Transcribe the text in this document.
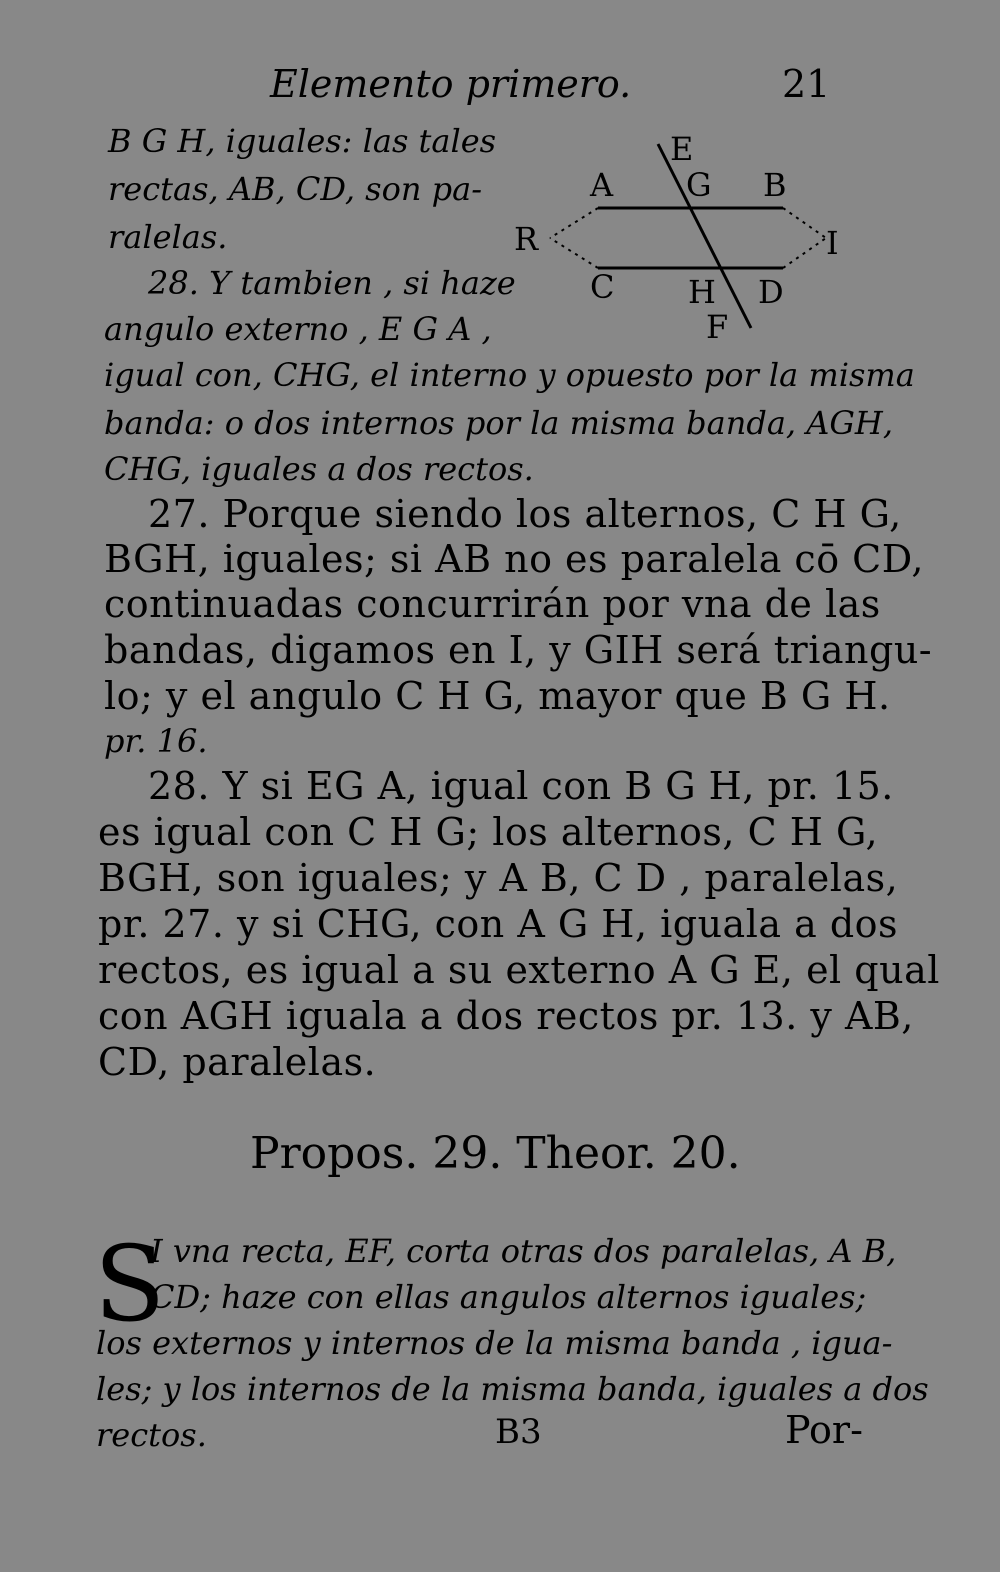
Elemento primero.	21
B G H, iguales: las tales
rectas, AB, CD, son pa-
ralelas.
28. Y tambien , si haze
angulo externo , E G A ,
igual con, CHG, el interno y opuesto por la misma
banda: o dos internos por la misma banda, AGH,
CHG, iguales a dos rectos.
E
A G B
R	I
C H D
F
27. Porque siendo los alternos, C H G,
BGH, iguales; si AB no es paralela cō CD,
continuadas concurrirán por vna de las
bandas, digamos en I, y GIH será triangu-
lo; y el angulo C H G, mayor que B G H.
pr. 16.
28. Y si EG A, igual con B G H, pr. 15.
es igual con C H G; los alternos, C H G,
BGH, son iguales; y A B, C D , paralelas,
pr. 27. y si CHG, con A G H, iguala a dos
rectos, es igual a su externo A G E, el qual
con AGH iguala a dos rectos pr. 13. y AB,
CD, paralelas.
Propos. 29. Theor. 20.
S
I vna recta, EF, corta otras dos paralelas, A B,
CD; haze con ellas angulos alternos iguales;
los externos y internos de la misma banda , igua-
les; y los internos de la misma banda, iguales a dos
rectos.	B3	Por-
